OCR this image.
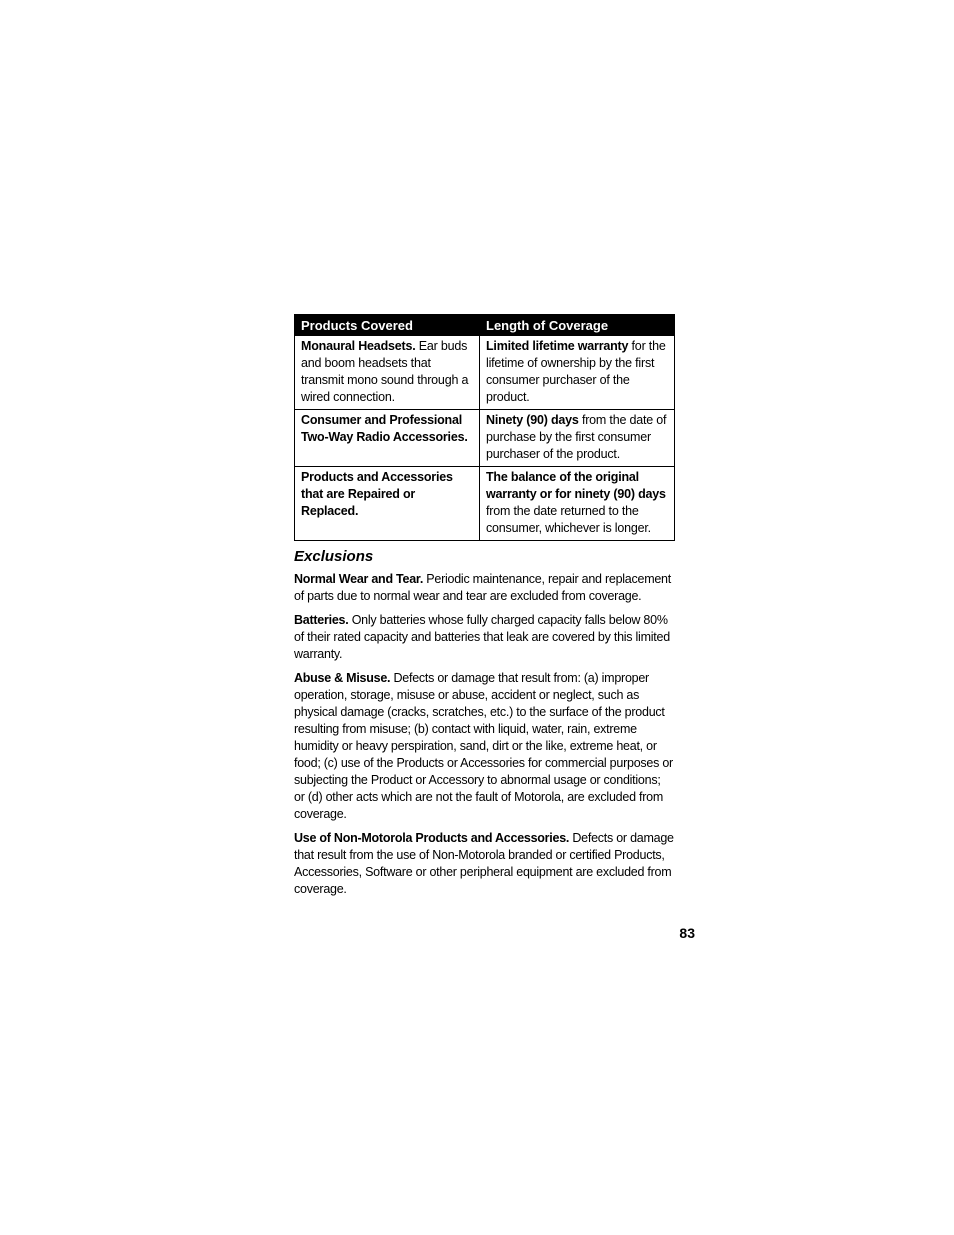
Products Covered	Length of Coverage
Monaural Headsets. Ear buds and boom headsets that transmit mono sound through a wired connection.	Limited lifetime warranty for the lifetime of ownership by the first consumer purchaser of the product.
Consumer and Professional Two-Way Radio Accessories.	Ninety (90) days from the date of purchase by the first consumer purchaser of the product.
Products and Accessories that are Repaired or Replaced.	The balance of the original warranty or for ninety (90) days from the date returned to the consumer, whichever is longer.
Exclusions

Normal Wear and Tear. Periodic maintenance, repair and replacement of parts due to normal wear and tear are excluded from coverage.

Batteries. Only batteries whose fully charged capacity falls below 80% of their rated capacity and batteries that leak are covered by this limited warranty.

Abuse & Misuse. Defects or damage that result from: (a) improper operation, storage, misuse or abuse, accident or neglect, such as physical damage (cracks, scratches, etc.) to the surface of the product resulting from misuse; (b) contact with liquid, water, rain, extreme humidity or heavy perspiration, sand, dirt or the like, extreme heat, or food; (c) use of the Products or Accessories for commercial purposes or subjecting the Product or Accessory to abnormal usage or conditions; or (d) other acts which are not the fault of Motorola, are excluded from coverage.

Use of Non-Motorola Products and Accessories. Defects or damage that result from the use of Non-Motorola branded or certified Products, Accessories, Software or other peripheral equipment are excluded from coverage.

83
